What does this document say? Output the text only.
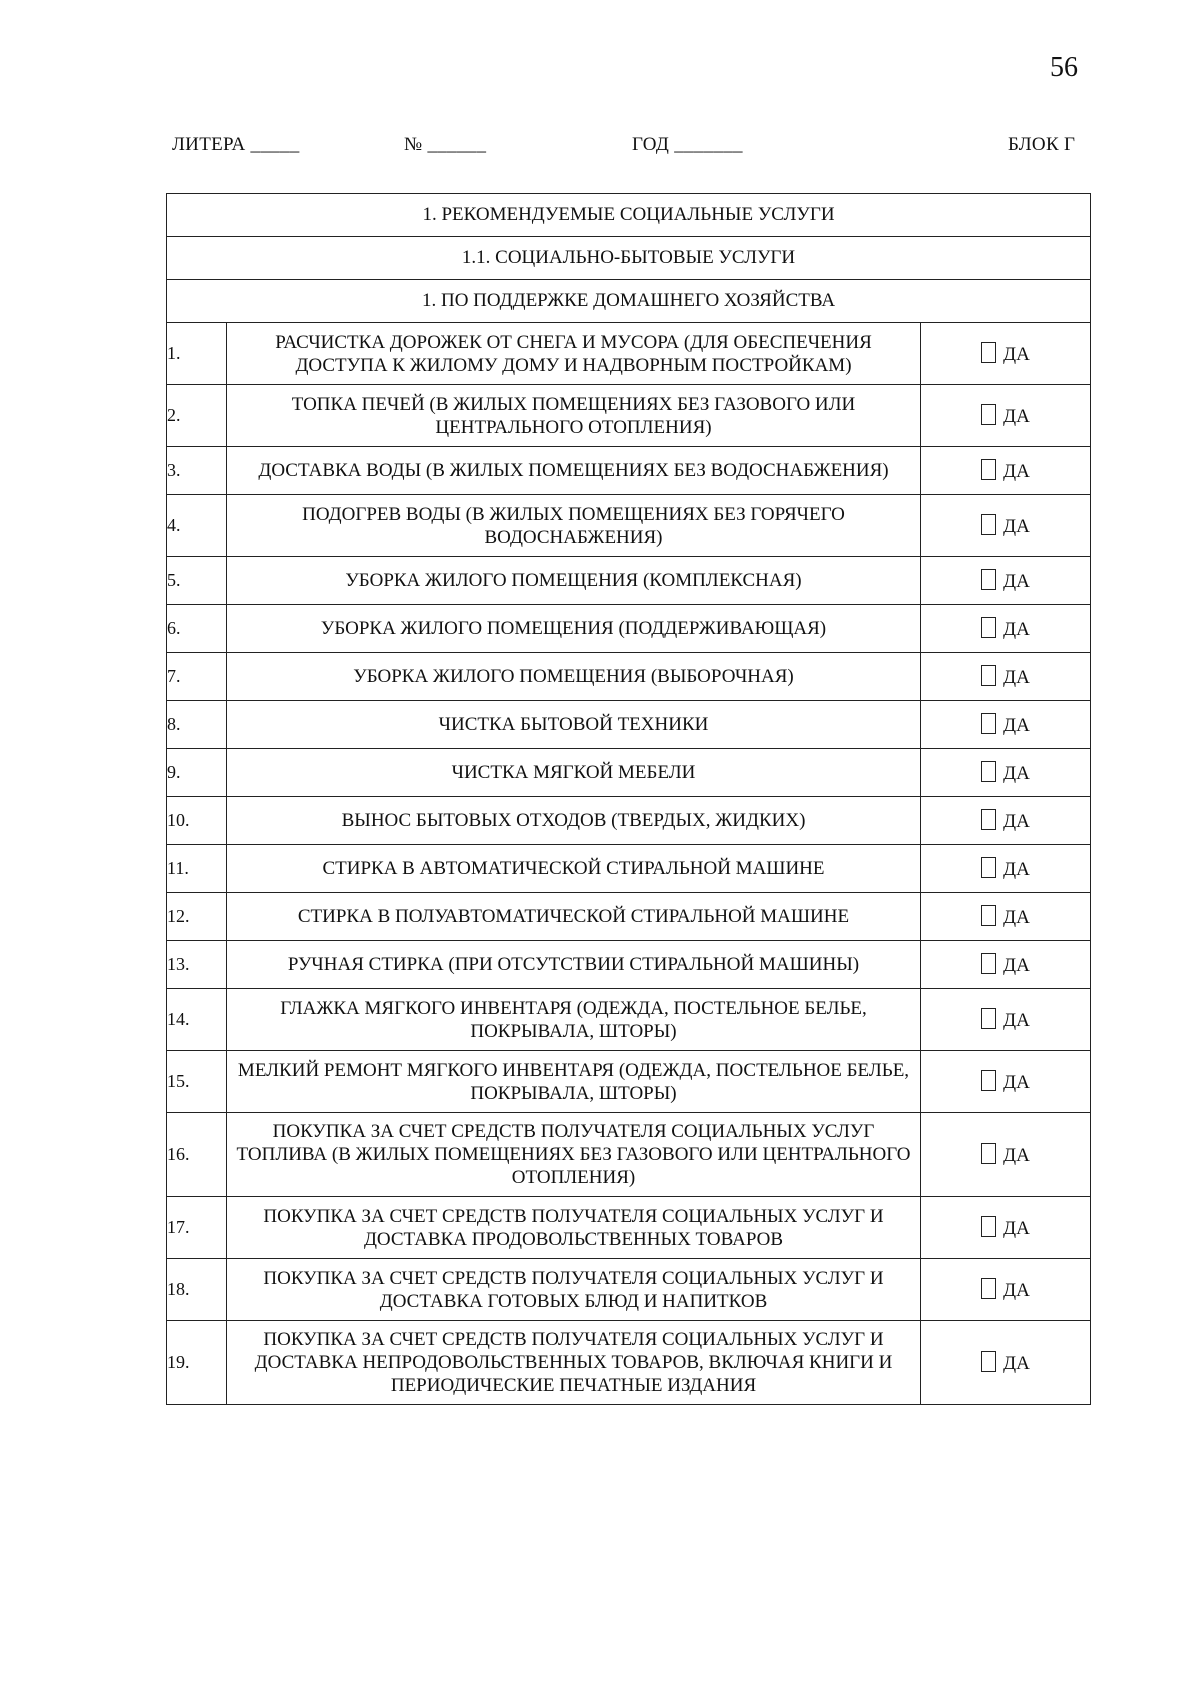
56
ЛИТЕРА _____	№ ______	ГОД _______	БЛОК Г
1. РЕКОМЕНДУЕМЫЕ СОЦИАЛЬНЫЕ УСЛУГИ		
1.1. СОЦИАЛЬНО-БЫТОВЫЕ УСЛУГИ		
1. ПО ПОДДЕРЖКЕ ДОМАШНЕГО ХОЗЯЙСТВА		
1.	РАСЧИСТКА ДОРОЖЕК ОТ СНЕГА И МУСОРА (ДЛЯ ОБЕСПЕЧЕНИЯ ДОСТУПА К ЖИЛОМУ ДОМУ И НАДВОРНЫМ ПОСТРОЙКАМ)	ДА
2.	ТОПКА ПЕЧЕЙ (В ЖИЛЫХ ПОМЕЩЕНИЯХ БЕЗ ГАЗОВОГО ИЛИ ЦЕНТРАЛЬНОГО ОТОПЛЕНИЯ)	ДА
3.	ДОСТАВКА ВОДЫ (В ЖИЛЫХ ПОМЕЩЕНИЯХ БЕЗ ВОДОСНАБЖЕНИЯ)	ДА
4.	ПОДОГРЕВ ВОДЫ (В ЖИЛЫХ ПОМЕЩЕНИЯХ БЕЗ ГОРЯЧЕГО ВОДОСНАБЖЕНИЯ)	ДА
5.	УБОРКА ЖИЛОГО ПОМЕЩЕНИЯ (КОМПЛЕКСНАЯ)	ДА
6.	УБОРКА ЖИЛОГО ПОМЕЩЕНИЯ (ПОДДЕРЖИВАЮЩАЯ)	ДА
7.	УБОРКА ЖИЛОГО ПОМЕЩЕНИЯ (ВЫБОРОЧНАЯ)	ДА
8.	ЧИСТКА БЫТОВОЙ ТЕХНИКИ	ДА
9.	ЧИСТКА МЯГКОЙ МЕБЕЛИ	ДА
10.	ВЫНОС БЫТОВЫХ ОТХОДОВ (ТВЕРДЫХ, ЖИДКИХ)	ДА
11.	СТИРКА В АВТОМАТИЧЕСКОЙ СТИРАЛЬНОЙ МАШИНЕ	ДА
12.	СТИРКА В ПОЛУАВТОМАТИЧЕСКОЙ СТИРАЛЬНОЙ МАШИНЕ	ДА
13.	РУЧНАЯ СТИРКА (ПРИ ОТСУТСТВИИ СТИРАЛЬНОЙ МАШИНЫ)	ДА
14.	ГЛАЖКА МЯГКОГО ИНВЕНТАРЯ (ОДЕЖДА, ПОСТЕЛЬНОЕ БЕЛЬЕ, ПОКРЫВАЛА, ШТОРЫ)	ДА
15.	МЕЛКИЙ РЕМОНТ МЯГКОГО ИНВЕНТАРЯ (ОДЕЖДА, ПОСТЕЛЬНОЕ БЕЛЬЕ, ПОКРЫВАЛА, ШТОРЫ)	ДА
16.	ПОКУПКА ЗА СЧЕТ СРЕДСТВ ПОЛУЧАТЕЛЯ СОЦИАЛЬНЫХ УСЛУГ ТОПЛИВА (В ЖИЛЫХ ПОМЕЩЕНИЯХ БЕЗ ГАЗОВОГО ИЛИ ЦЕНТРАЛЬНОГО ОТОПЛЕНИЯ)	ДА
17.	ПОКУПКА ЗА СЧЕТ СРЕДСТВ ПОЛУЧАТЕЛЯ СОЦИАЛЬНЫХ УСЛУГ И ДОСТАВКА ПРОДОВОЛЬСТВЕННЫХ ТОВАРОВ	ДА
18.	ПОКУПКА ЗА СЧЕТ СРЕДСТВ ПОЛУЧАТЕЛЯ СОЦИАЛЬНЫХ УСЛУГ И ДОСТАВКА ГОТОВЫХ БЛЮД И НАПИТКОВ	ДА
19.	ПОКУПКА ЗА СЧЕТ СРЕДСТВ ПОЛУЧАТЕЛЯ СОЦИАЛЬНЫХ УСЛУГ И ДОСТАВКА НЕПРОДОВОЛЬСТВЕННЫХ ТОВАРОВ, ВКЛЮЧАЯ КНИГИ И ПЕРИОДИЧЕСКИЕ ПЕЧАТНЫЕ ИЗДАНИЯ	ДА
